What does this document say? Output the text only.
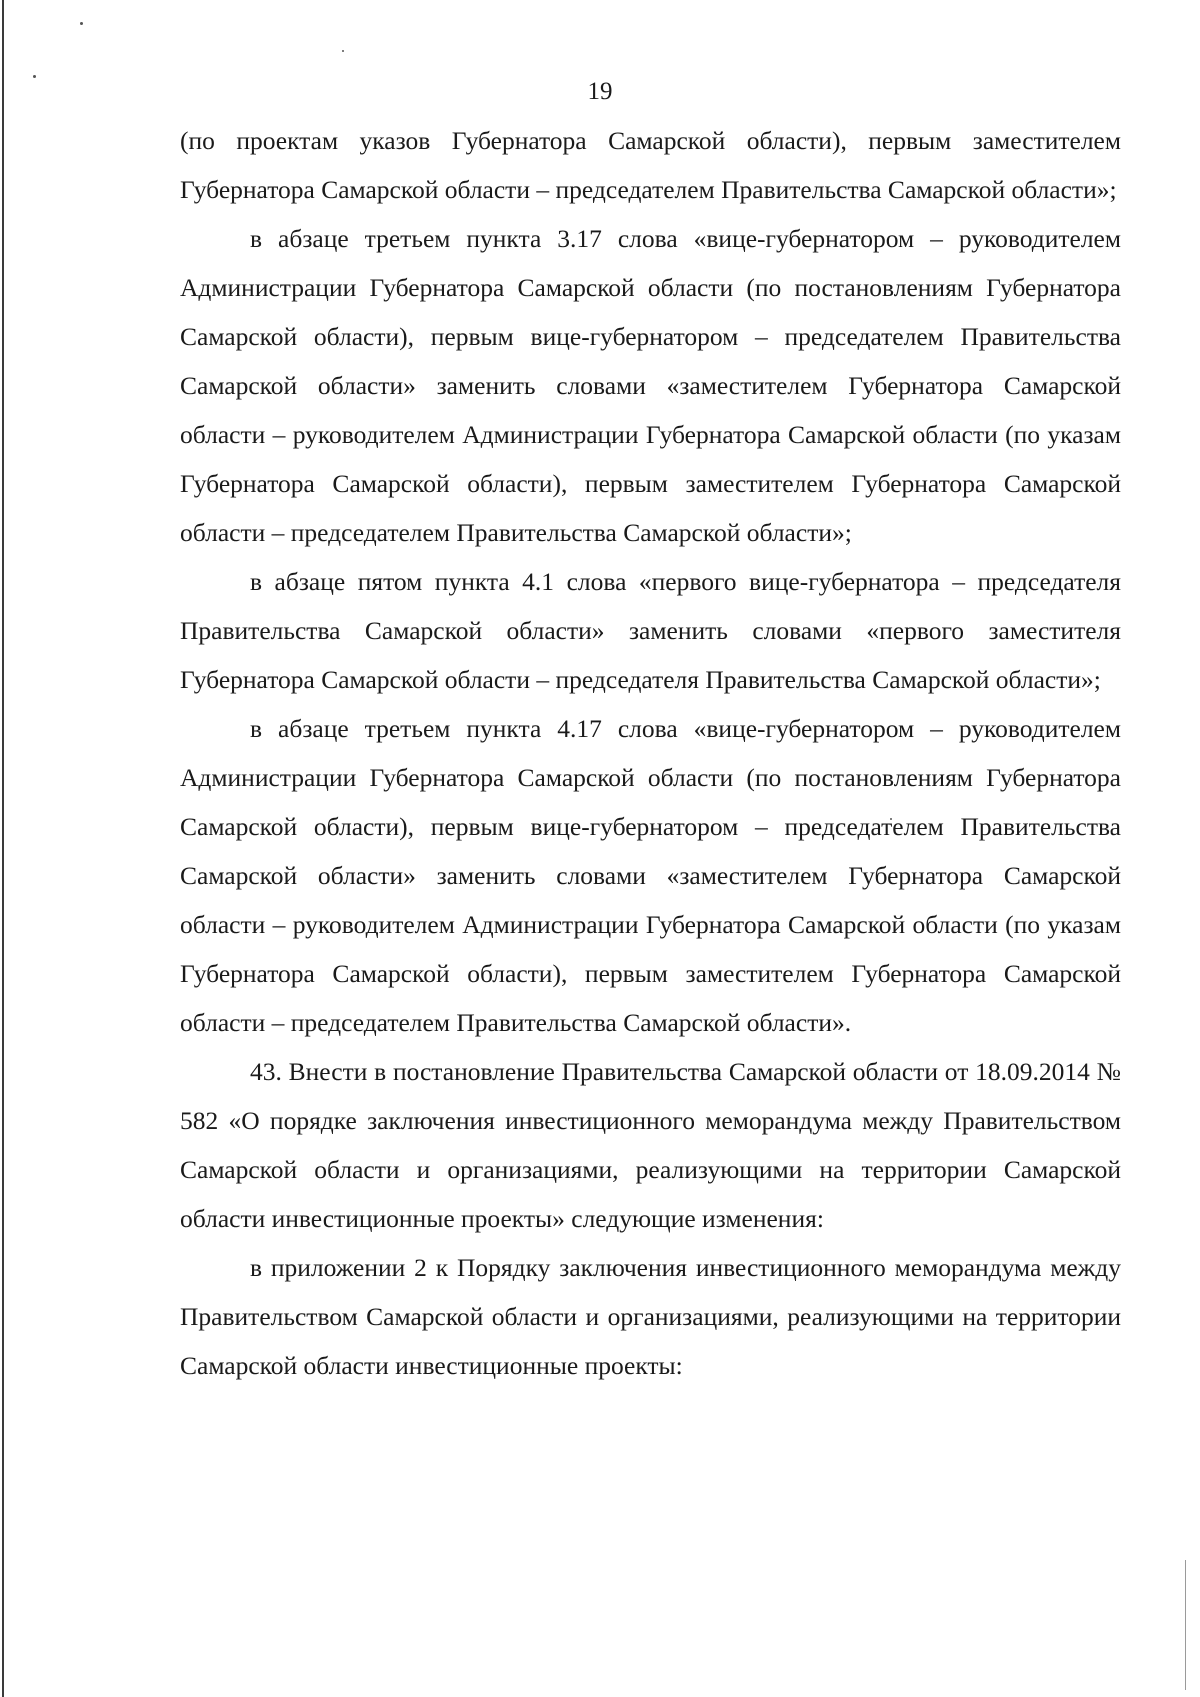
19

(по проектам указов Губернатора Самарской области), первым заместителем Губернатора Самарской области – председателем Правительства Самарской области»;

в абзаце третьем пункта 3.17 слова «вице-губернатором – руководителем Администрации Губернатора Самарской области (по постановлениям Губернатора Самарской области), первым вице-губернатором – председателем Правительства Самарской области» заменить словами «заместителем Губернатора Самарской области – руководителем Администрации Губернатора Самарской области (по указам Губернатора Самарской области), первым заместителем Губернатора Самарской области – председателем Правительства Самарской области»;

в абзаце пятом пункта 4.1 слова «первого вице-губернатора – председателя Правительства Самарской области» заменить словами «первого заместителя Губернатора Самарской области – председателя Правительства Самарской области»;

в абзаце третьем пункта 4.17 слова «вице-губернатором – руководителем Администрации Губернатора Самарской области (по постановлениям Губернатора Самарской области), первым вице-губернатором – председателем Правительства Самарской области» заменить словами «заместителем Губернатора Самарской области – руководителем Администрации Губернатора Самарской области (по указам Губернатора Самарской области), первым заместителем Губернатора Самарской области – председателем Правительства Самарской области».

43. Внести в постановление Правительства Самарской области от 18.09.2014 № 582 «О порядке заключения инвестиционного меморандума между Правительством Самарской области и организациями, реализующими на территории Самарской области инвестиционные проекты» следующие изменения:

в приложении 2 к Порядку заключения инвестиционного меморандума между Правительством Самарской области и организациями, реализующими на территории Самарской области инвестиционные проекты:
